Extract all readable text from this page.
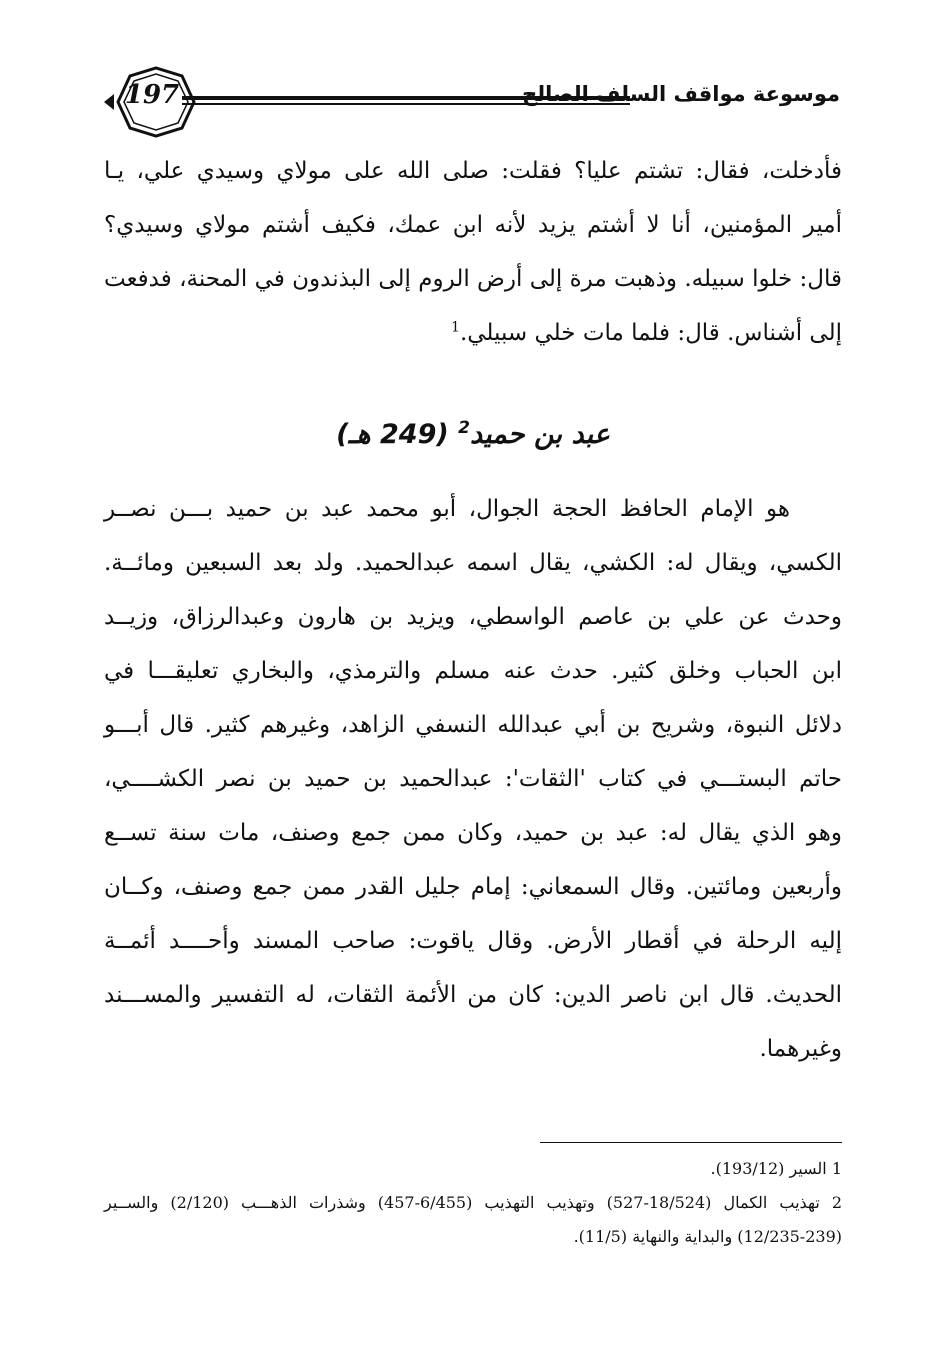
197	موسوعة مواقف السلف الصالح
فأدخلت، فقال: تشتم عليا؟ فقلت: صلى الله على مولاي وسيدي علي، يـا
أمير المؤمنين، أنا لا أشتم يزيد لأنه ابن عمك، فكيف أشتم مولاي وسيدي؟
قال: خلوا سبيله. وذهبت مرة إلى أرض الروم إلى البذندون في المحنة، فدفعت
إلى أشناس. قال: فلما مات خلي سبيلي.$^1$
عبد بن حميد$^2$ (249 هـ)
هو الإمام الحافظ الحجة الجوال، أبو محمد عبد بن حميد بـــن نصــر
الكسي، ويقال له: الكشي، يقال اسمه عبدالحميد. ولد بعد السبعين ومائــة.
وحدث عن علي بن عاصم الواسطي، ويزيد بن هارون وعبدالرزاق، وزيــد
ابن الحباب وخلق كثير. حدث عنه مسلم والترمذي، والبخاري تعليقـــا في
دلائل النبوة، وشريح بن أبي عبدالله النسفي الزاهد، وغيرهم كثير. قال أبـــو
حاتم البستـــي في كتاب 'الثقات': عبدالحميد بن حميد بن نصر الكشــــي،
وهو الذي يقال له: عبد بن حميد، وكان ممن جمع وصنف، مات سنة تســع
وأربعين ومائتين. وقال السمعاني: إمام جليل القدر ممن جمع وصنف، وكــان
إليه الرحلة في أقطار الأرض. وقال ياقوت: صاحب المسند وأحــــد أئمــة
الحديث. قال ابن ناصر الدين: كان من الأئمة الثقات، له التفسير والمســـند
وغيرهما.
1 السير (193/12).
2 تهذيب الكمال (18/524-527) وتهذيب التهذيب (6/455-457) وشذرات الذهـــب (2/120) والســير
(12/235-239) والبداية والنهاية (11/5).
